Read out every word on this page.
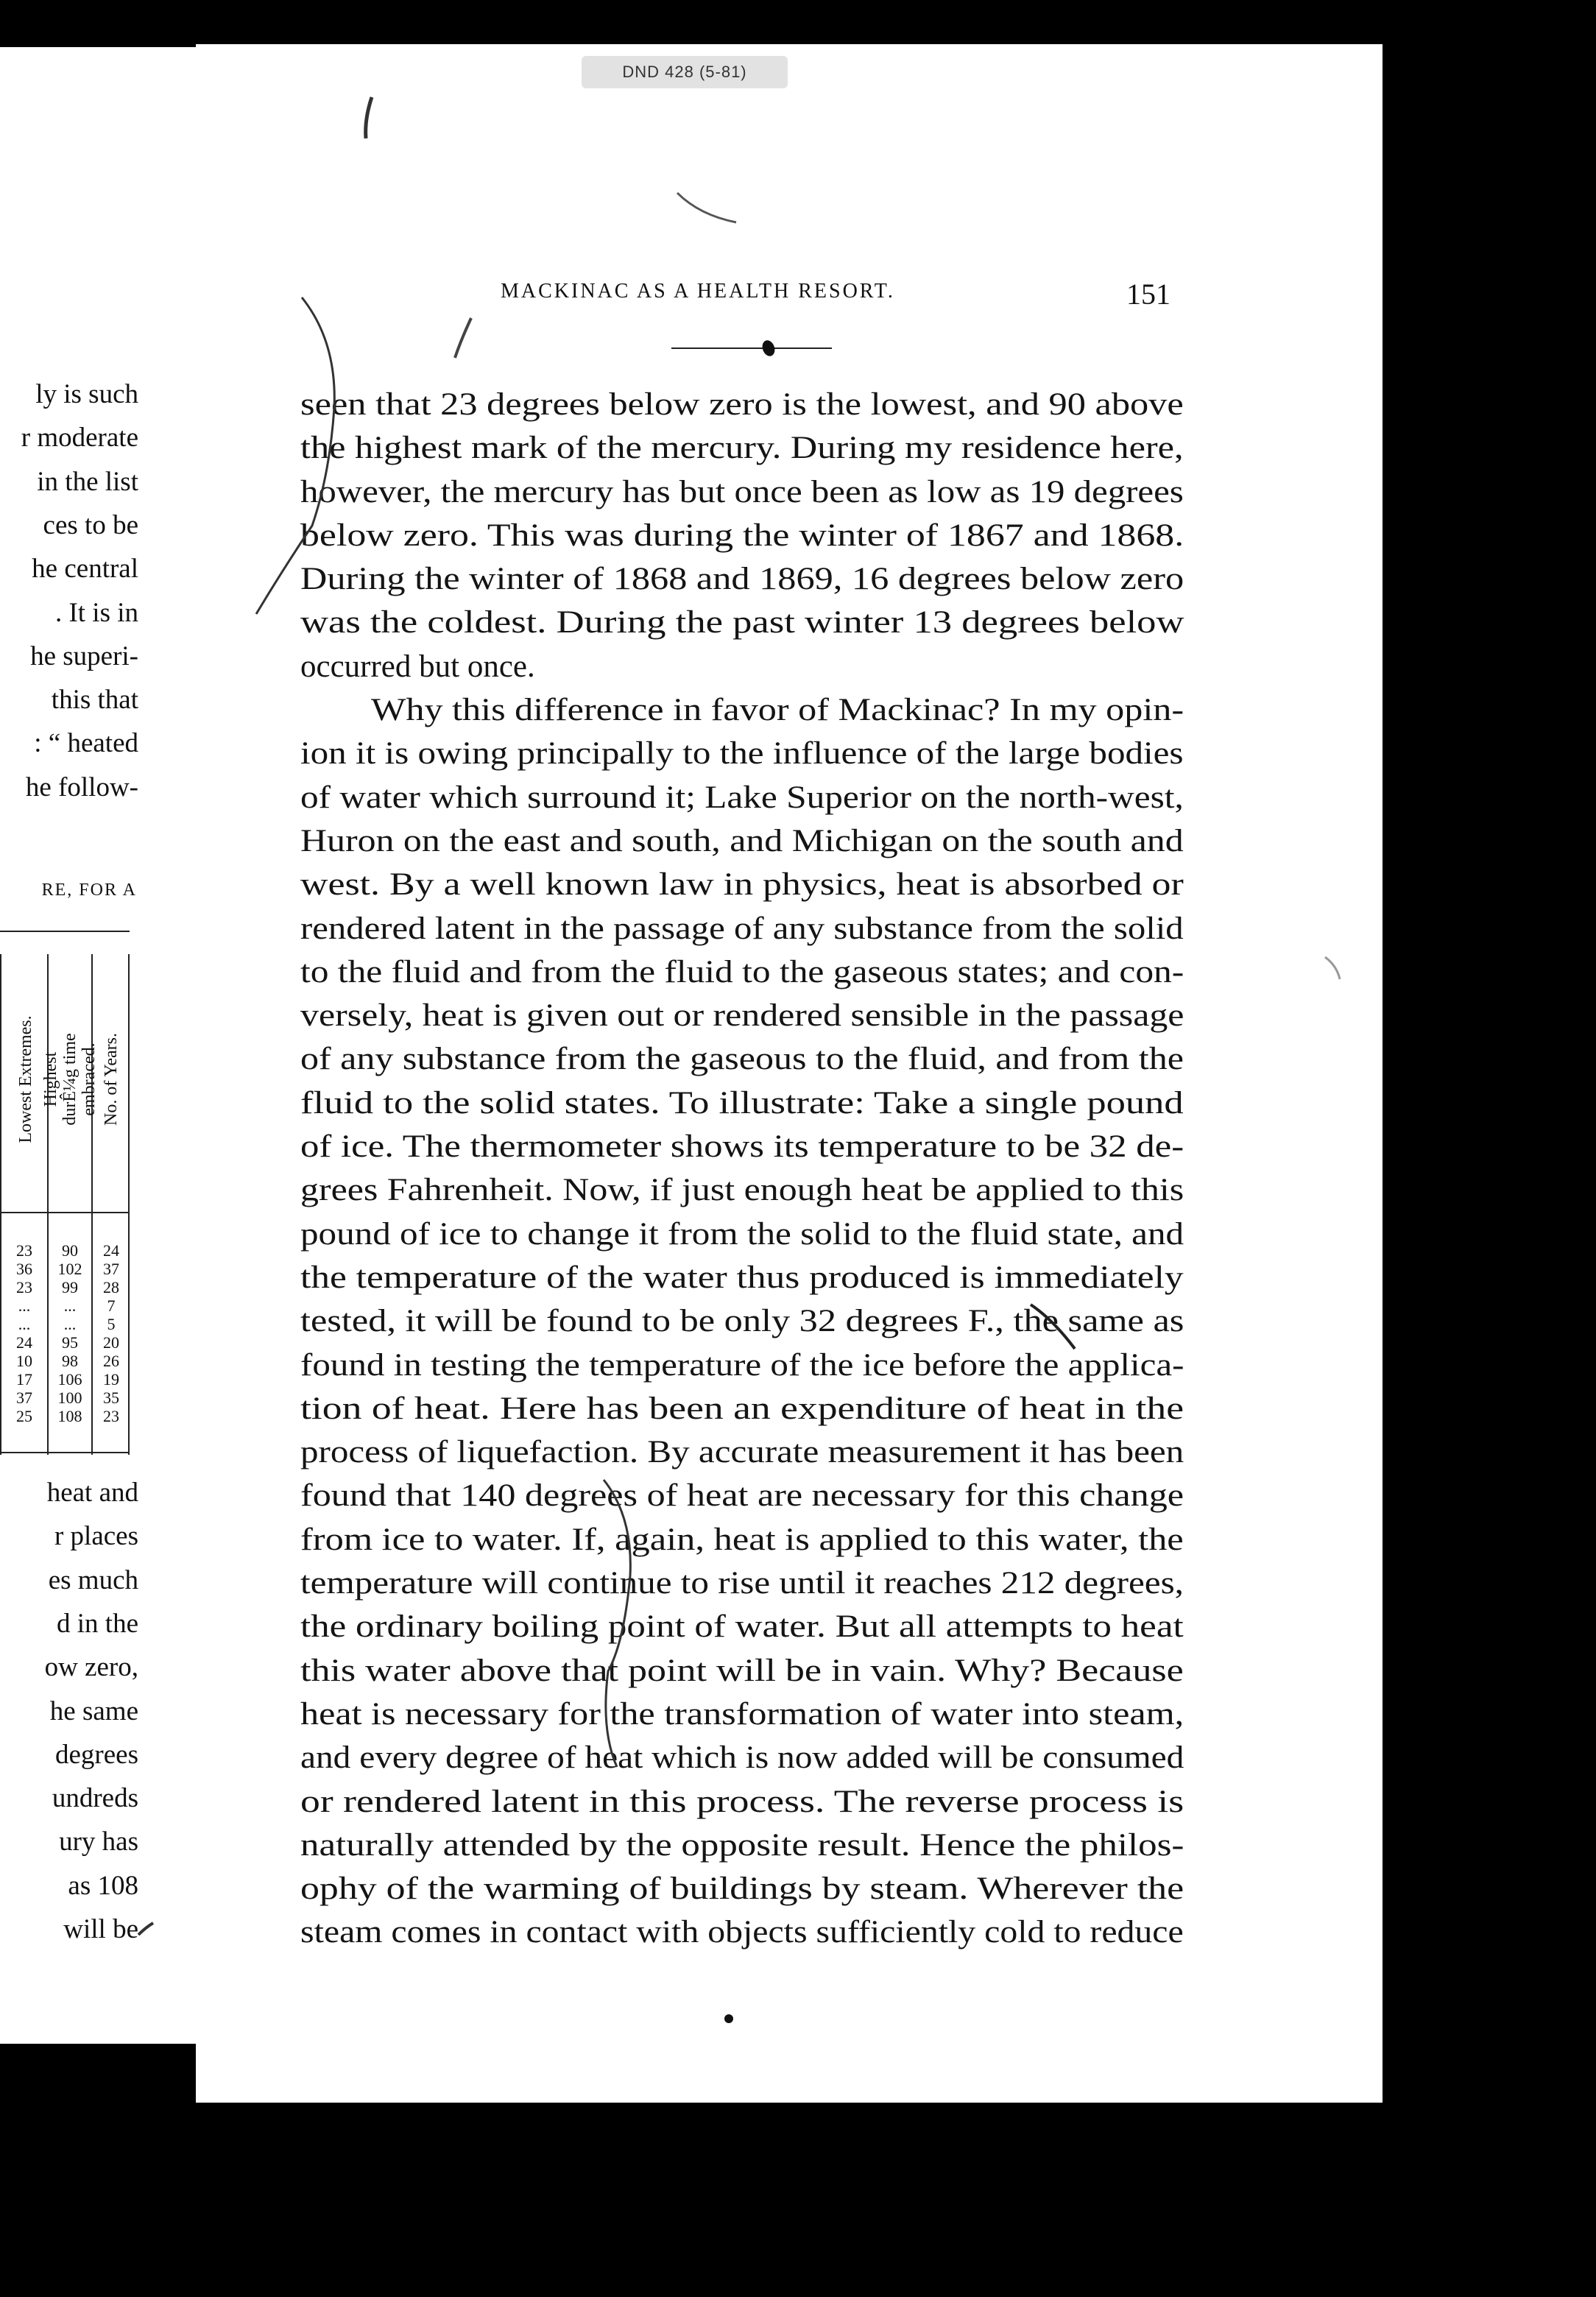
ly is such
r moderate
in the list
ces to be
he central
. It is in
he superi-
this that
: “ heated
he follow-
RE, FOR A
Lowest Extremes. Highest durÊ¼g time embraced. No. of Years.
23
36
23
...
...
24
10
17
37
25
90
102
99
...
...
95
98
106
100
108
24
37
28
7
5
20
26
19
35
23
heat and
r places
es much
d in the
ow zero,
he same
degrees
undreds
ury has
as 108
will be
DND 428 (5-81)
MACKINAC AS A HEALTH RESORT.	151
seen that 23 degrees below zero is the lowest, and 90 above
the highest mark of the mercury. During my residence here,
however, the mercury has but once been as low as 19 degrees
below zero. This was during the winter of 1867 and 1868.
During the winter of 1868 and 1869, 16 degrees below zero
was the coldest. During the past winter 13 degrees below
occurred but once.
Why this difference in favor of Mackinac? In my opin-
ion it is owing principally to the influence of the large bodies
of water which surround it; Lake Superior on the north-west,
Huron on the east and south, and Michigan on the south and
west. By a well known law in physics, heat is absorbed or
rendered latent in the passage of any substance from the solid
to the fluid and from the fluid to the gaseous states; and con-
versely, heat is given out or rendered sensible in the passage
of any substance from the gaseous to the fluid, and from the
fluid to the solid states. To illustrate: Take a single pound
of ice. The thermometer shows its temperature to be 32 de-
grees Fahrenheit. Now, if just enough heat be applied to this
pound of ice to change it from the solid to the fluid state, and
the temperature of the water thus produced is immediately
tested, it will be found to be only 32 degrees F., the same as
found in testing the temperature of the ice before the applica-
tion of heat. Here has been an expenditure of heat in the
process of liquefaction. By accurate measurement it has been
found that 140 degrees of heat are necessary for this change
from ice to water. If, again, heat is applied to this water, the
temperature will continue to rise until it reaches 212 degrees,
the ordinary boiling point of water. But all attempts to heat
this water above that point will be in vain. Why? Because
heat is necessary for the transformation of water into steam,
and every degree of heat which is now added will be consumed
or rendered latent in this process. The reverse process is
naturally attended by the opposite result. Hence the philos-
ophy of the warming of buildings by steam. Wherever the
steam comes in contact with objects sufficiently cold to reduce
